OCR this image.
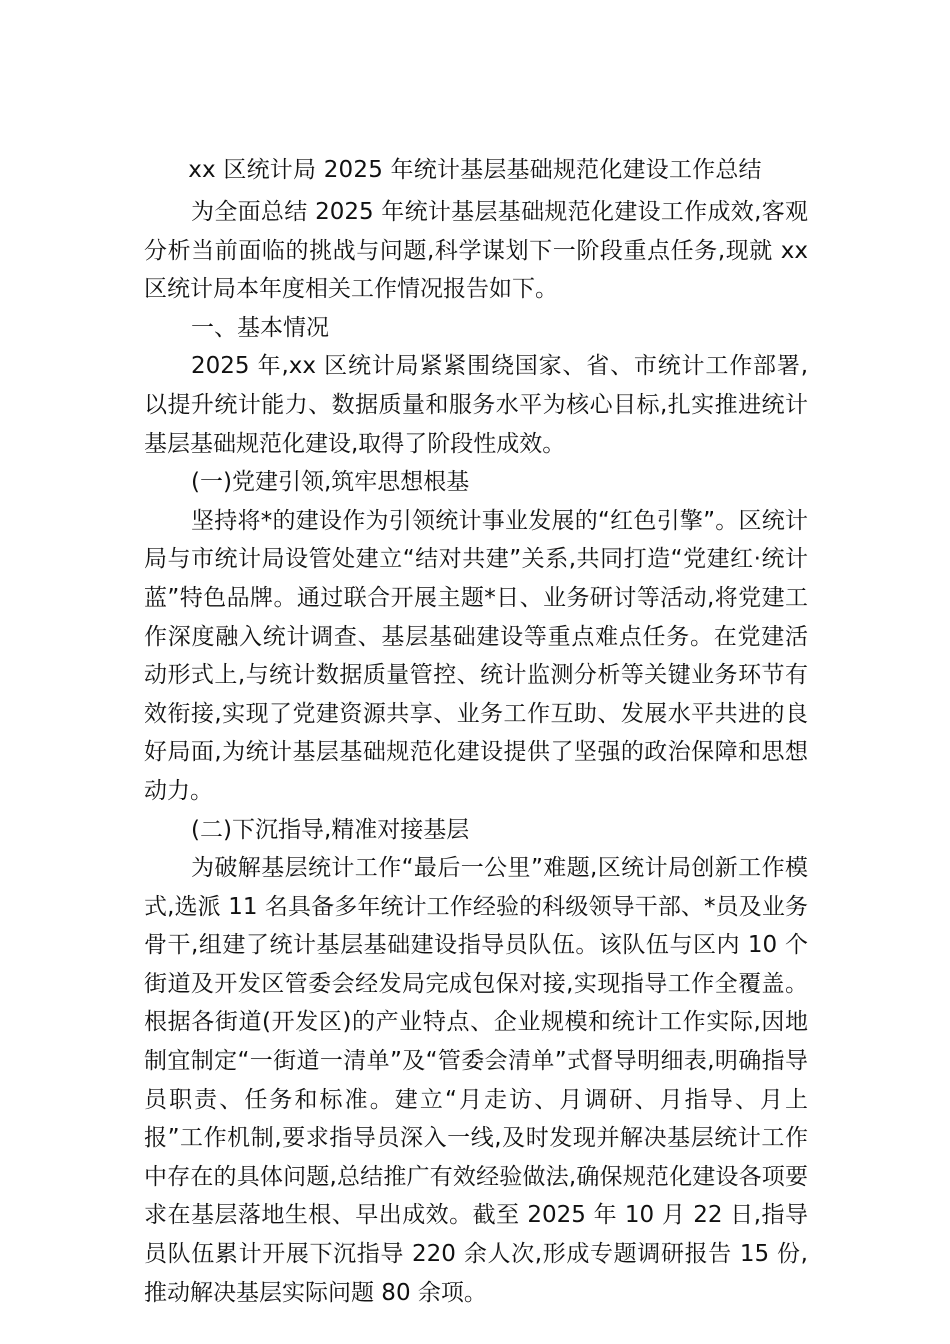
xx 区统计局 2025 年统计基层基础规范化建设工作总结

为全面总结 2025 年统计基层基础规范化建设工作成效,客观分析当前面临的挑战与问题,科学谋划下一阶段重点任务,现就 xx 区统计局本年度相关工作情况报告如下。

一、基本情况

2025 年,xx 区统计局紧紧围绕国家、省、市统计工作部署,以提升统计能力、数据质量和服务水平为核心目标,扎实推进统计基层基础规范化建设,取得了阶段性成效。

(一)党建引领,筑牢思想根基

坚持将*的建设作为引领统计事业发展的“红色引擎”。区统计局与市统计局设管处建立“结对共建”关系,共同打造“党建红·统计蓝”特色品牌。通过联合开展主题*日、业务研讨等活动,将党建工作深度融入统计调查、基层基础建设等重点难点任务。在党建活动形式上,与统计数据质量管控、统计监测分析等关键业务环节有效衔接,实现了党建资源共享、业务工作互助、发展水平共进的良好局面,为统计基层基础规范化建设提供了坚强的政治保障和思想动力。

(二)下沉指导,精准对接基层

为破解基层统计工作“最后一公里”难题,区统计局创新工作模式,选派 11 名具备多年统计工作经验的科级领导干部、*员及业务骨干,组建了统计基层基础建设指导员队伍。该队伍与区内 10 个街道及开发区管委会经发局完成包保对接,实现指导工作全覆盖。根据各街道(开发区)的产业特点、企业规模和统计工作实际,因地制宜制定“一街道一清单”及“管委会清单”式督导明细表,明确指导员职责、任务和标准。建立“月走访、月调研、月指导、月上报”工作机制,要求指导员深入一线,及时发现并解决基层统计工作中存在的具体问题,总结推广有效经验做法,确保规范化建设各项要求在基层落地生根、早出成效。截至 2025 年 10 月 22 日,指导员队伍累计开展下沉指导 220 余人次,形成专题调研报告 15 份,推动解决基层实际问题 80 余项。
